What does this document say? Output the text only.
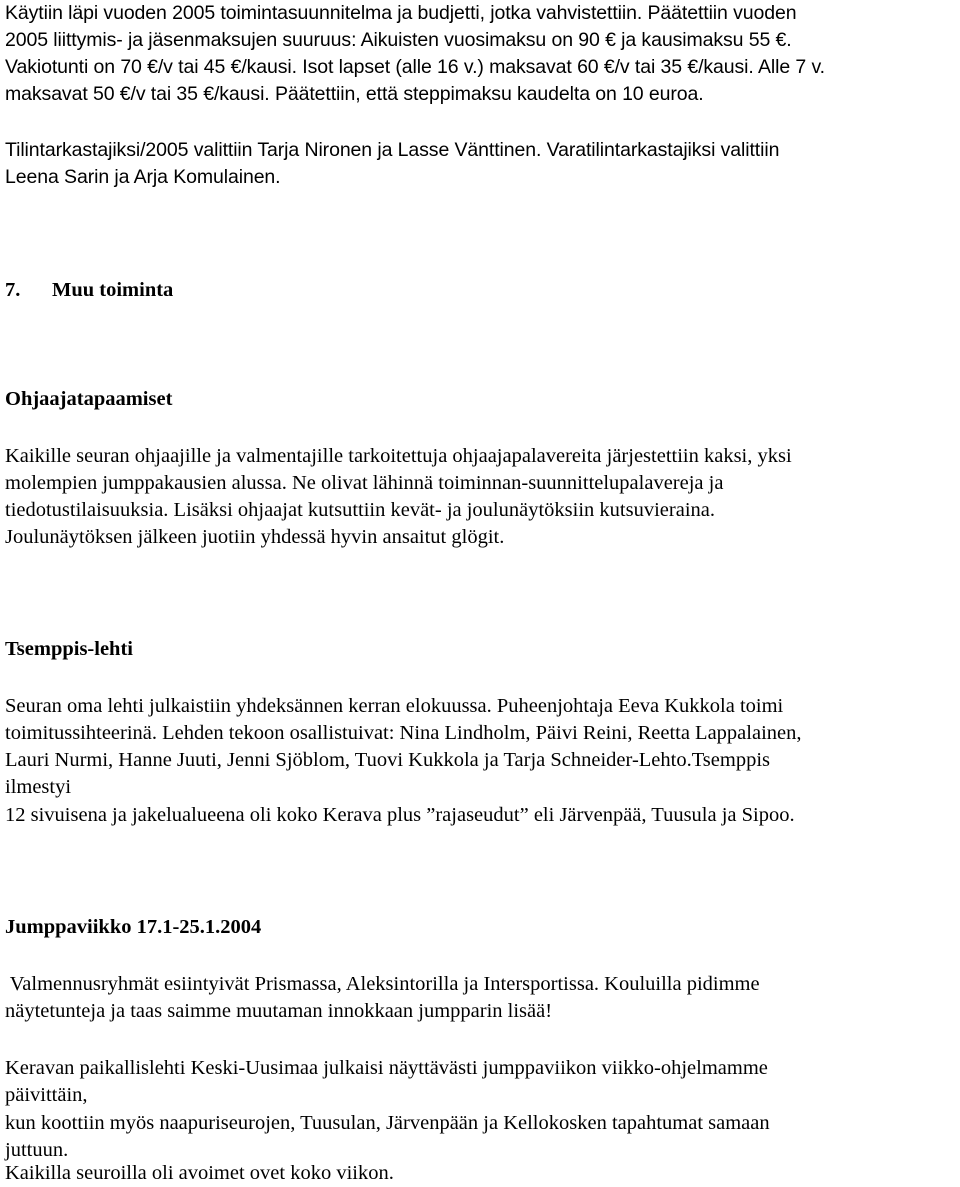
Käytiin läpi vuoden 2005 toimintasuunnitelma ja budjetti, jotka vahvistettiin. Päätettiin vuoden
2005 liittymis- ja jäsenmaksujen suuruus: Aikuisten vuosimaksu on 90 € ja kausimaksu 55 €.
Vakiotunti on 70 €/v tai 45 €/kausi. Isot lapset (alle 16 v.) maksavat 60 €/v tai 35 €/kausi. Alle 7 v.
maksavat 50 €/v tai 35 €/kausi. Päätettiin, että steppimaksu kaudelta on 10 euroa.
Tilintarkastajiksi/2005 valittiin Tarja Nironen ja Lasse Vänttinen. Varatilintarkastajiksi valittiin
Leena Sarin ja Arja Komulainen.
7. Muu toiminta
Ohjaajatapaamiset
Kaikille seuran ohjaajille ja valmentajille tarkoitettuja ohjaajapalavereita järjestettiin kaksi, yksi
molempien jumppakausien alussa. Ne olivat lähinnä toiminnan-suunnittelupalavereja ja
tiedotustilaisuuksia. Lisäksi ohjaajat kutsuttiin kevät- ja joulunäytöksiin kutsuvieraina.
Joulunäytöksen jälkeen juotiin yhdessä hyvin ansaitut glögit.
Tsemppis-lehti
Seuran oma lehti julkaistiin yhdeksännen kerran elokuussa. Puheenjohtaja Eeva Kukkola toimi
toimitussihteerinä. Lehden tekoon osallistuivat: Nina Lindholm, Päivi Reini, Reetta Lappalainen,
Lauri Nurmi, Hanne Juuti, Jenni Sjöblom, Tuovi Kukkola ja Tarja Schneider-Lehto.Tsemppis
ilmestyi
12 sivuisena ja jakelualueena oli koko Kerava plus ”rajaseudut” eli Järvenpää, Tuusula ja Sipoo.
Jumppaviikko 17.1-25.1.2004
Valmennusryhmät esiintyivät Prismassa, Aleksintorilla ja Intersportissa. Kouluilla pidimme
näytetunteja ja taas saimme muutaman innokkaan jumpparin lisää!
Keravan paikallislehti Keski-Uusimaa julkaisi näyttävästi jumppaviikon viikko-ohjelmamme
päivittäin,
kun koottiin myös naapuriseurojen, Tuusulan, Järvenpään ja Kellokosken tapahtumat samaan
juttuun.
Kaikilla seuroilla oli avoimet ovet koko viikon.
